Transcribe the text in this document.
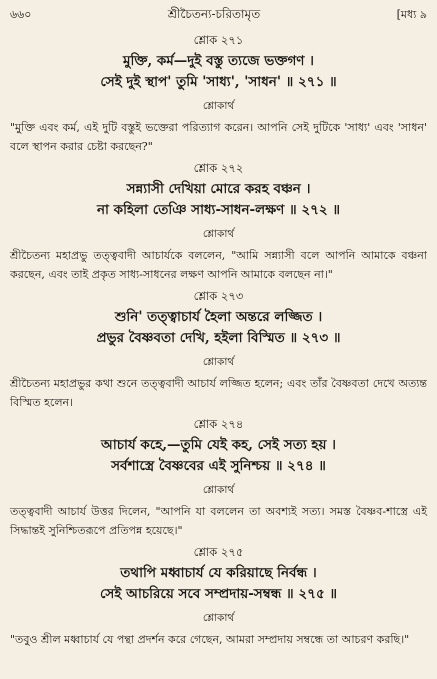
৬৬০	শ্রীচৈতন্য-চরিতামৃত	[মধ্য ৯
শ্লোক ২৭১
মুক্তি, কর্ম—দুই বস্তু ত্যজে ভক্তগণ ।
সেই দুই স্থাপ' তুমি 'সাধ্য', 'সাধন' ॥ ২৭১ ॥
শ্লোকার্থ
"মুক্তি এবং কর্ম, এই দুটি বস্তুই ভক্তেরা পরিত্যাগ করেন। আপনি সেই দুটিকে 'সাধ্য' এবং 'সাধন' বলে স্থাপন করার চেষ্টা করছেন?"
শ্লোক ২৭২
সন্ন্যাসী দেখিয়া মোরে করহ বঞ্চন ।
না কহিলা তেঞি সাধ্য-সাধন-লক্ষণ ॥ ২৭২ ॥
শ্লোকার্থ
শ্রীচৈতন্য মহাপ্রভু তত্ত্ববাদী আচার্যকে বললেন, "আমি সন্ন্যাসী বলে আপনি আমাকে বঞ্চনা করছেন, এবং তাই প্রকৃত সাধ্য-সাধনের লক্ষণ আপনি আমাকে বলছেন না।"
শ্লোক ২৭৩
শুনি' তত্ত্বাচার্য হৈলা অন্তরে লজ্জিত ।
প্রভুর বৈষ্ণবতা দেখি, হইলা বিস্মিত ॥ ২৭৩ ॥
শ্লোকার্থ
শ্রীচৈতন্য মহাপ্রভুর কথা শুনে তত্ত্ববাদী আচার্য লজ্জিত হলেন; এবং তাঁর বৈষ্ণবতা দেখে অত্যন্ত বিস্মিত হলেন।
শ্লোক ২৭৪
আচার্য কহে,—তুমি যেই কহ, সেই সত্য হয় ।
সর্বশাস্ত্রে বৈষ্ণবের এই সুনিশ্চয় ॥ ২৭৪ ॥
শ্লোকার্থ
তত্ত্ববাদী আচার্য উত্তর দিলেন, "আপনি যা বললেন তা অবশ্যই সত্য। সমস্ত বৈষ্ণব-শাস্ত্রে এই সিদ্ধান্তই সুনিশ্চিতরূপে প্রতিপন্ন হয়েছে।"
শ্লোক ২৭৫
তথাপি মধ্বাচার্য যে করিয়াছে নির্বন্ধ ।
সেই আচরিয়ে সবে সম্প্রদায়-সম্বন্ধ ॥ ২৭৫ ॥
শ্লোকার্থ
"তবুও শ্রীল মধ্বাচার্য যে পন্থা প্রদর্শন করে গেছেন, আমরা সম্প্রদায় সম্বন্ধে তা আচরণ করছি।"
